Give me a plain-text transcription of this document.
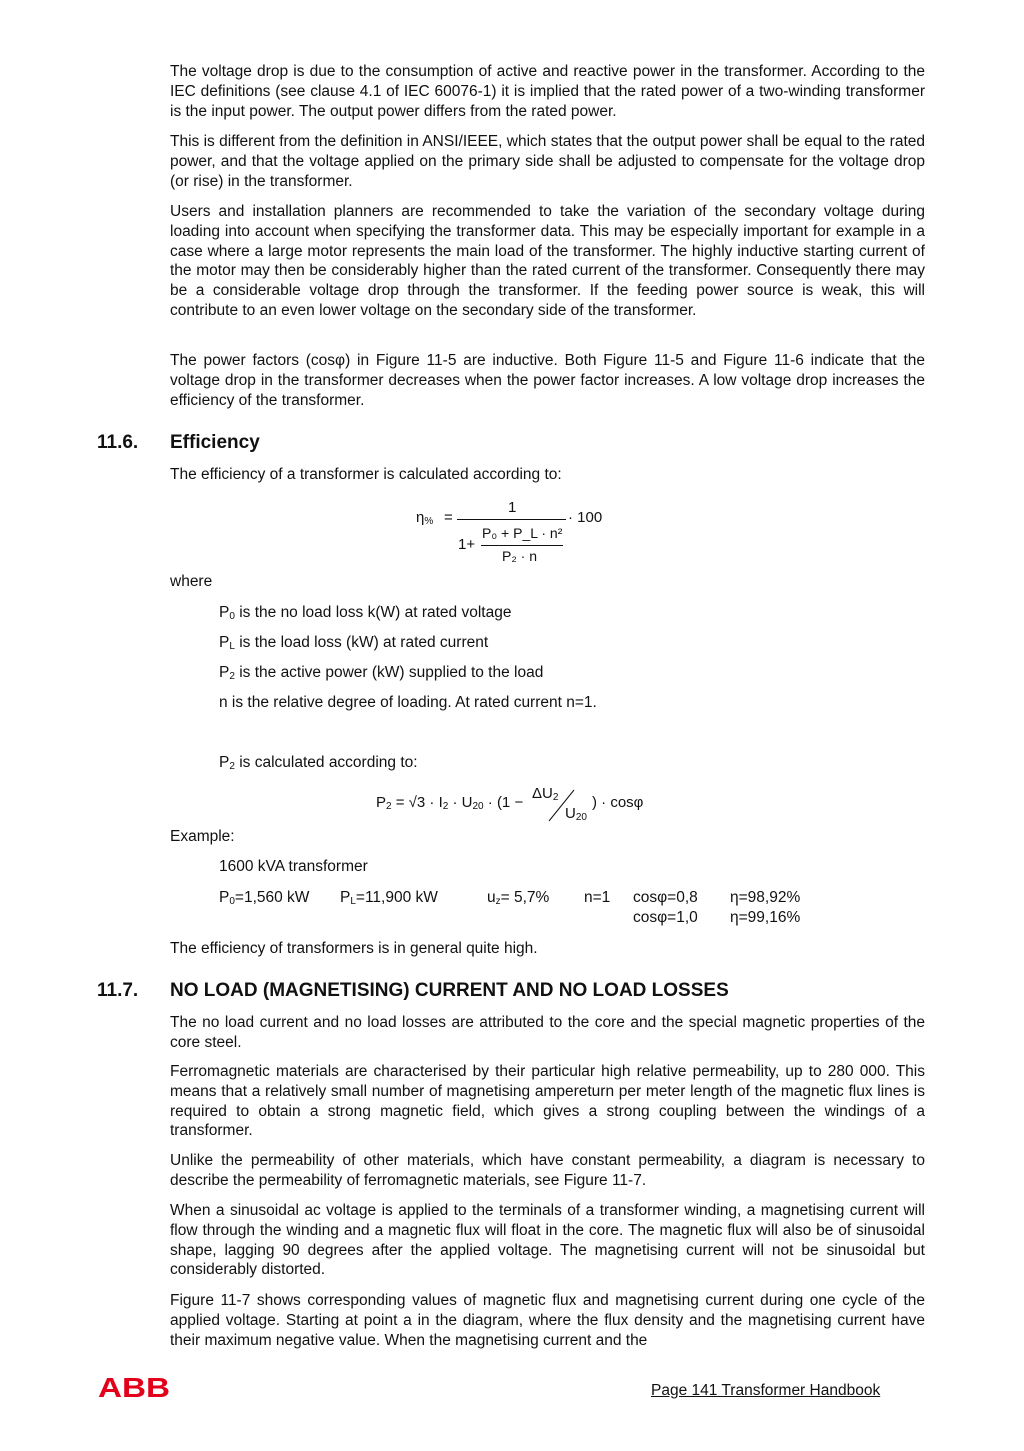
The voltage drop is due to the consumption of active and reactive power in the transformer. According to the IEC definitions (see clause 4.1 of IEC 60076-1) it is implied that the rated power of a two-winding transformer is the input power. The output power differs from the rated power.

This is different from the definition in ANSI/IEEE, which states that the output power shall be equal to the rated power, and that the voltage applied on the primary side shall be adjusted to compensate for the voltage drop (or rise) in the transformer.

Users and installation planners are recommended to take the variation of the secondary voltage during loading into account when specifying the transformer data. This may be especially important for example in a case where a large motor represents the main load of the transformer. The highly inductive starting current of the motor may then be considerably higher than the rated current of the transformer. Consequently there may be a considerable voltage drop through the transformer. If the feeding power source is weak, this will contribute to an even lower voltage on the secondary side of the transformer.

The power factors (cosφ) in Figure 11-5 are inductive. Both Figure 11-5 and Figure 11-6 indicate that the voltage drop in the transformer decreases when the power factor increases. A low voltage drop increases the efficiency of the transformer.

11.6. Efficiency
The efficiency of a transformer is calculated according to:
$\eta_{\%}$ =
1
1+
P₀ + P_L · n²
P₂ · n
· 100
where
$P_0$ is the no load loss k(W) at rated voltage
$P_L$ is the load loss (kW) at rated current
$P_2$ is the active power (kW) supplied to the load
n is the relative degree of loading. At rated current n=1.
$P_2$ is calculated according to:
$P_2 = √3 \cdot I_2 \cdot U_{20} \cdot (1$ −
$\Delta U_2$
$U_{20}$
) · cosφ
Example:
1600 kVA transformer
$P_0=1,560$ kW $P_L=11,900$ kW	$u_z= 5,7\%$ n=1 cosφ=0,8 η=98,92%
cosφ=1,0 η=99,16%
The efficiency of transformers is in general quite high.
11.7. NO LOAD (MAGNETISING) CURRENT AND NO LOAD LOSSES

The no load current and no load losses are attributed to the core and the special magnetic properties of the core steel.

Ferromagnetic materials are characterised by their particular high relative permeability, up to 280 000. This means that a relatively small number of magnetising ampereturn per meter length of the magnetic flux lines is required to obtain a strong magnetic field, which gives a strong coupling between the windings of a transformer.

Unlike the permeability of other materials, which have constant permeability, a diagram is necessary to describe the permeability of ferromagnetic materials, see Figure 11-7.

When a sinusoidal ac voltage is applied to the terminals of a transformer winding, a magnetising current will flow through the winding and a magnetic flux will float in the core. The magnetic flux will also be of sinusoidal shape, lagging 90 degrees after the applied voltage. The magnetising current will not be sinusoidal but considerably distorted.

Figure 11-7 shows corresponding values of magnetic flux and magnetising current during one cycle of the applied voltage. Starting at point a in the diagram, where the flux density and the magnetising current have their maximum negative value. When the magnetising current and the

ABB	Page 141 Transformer Handbook
